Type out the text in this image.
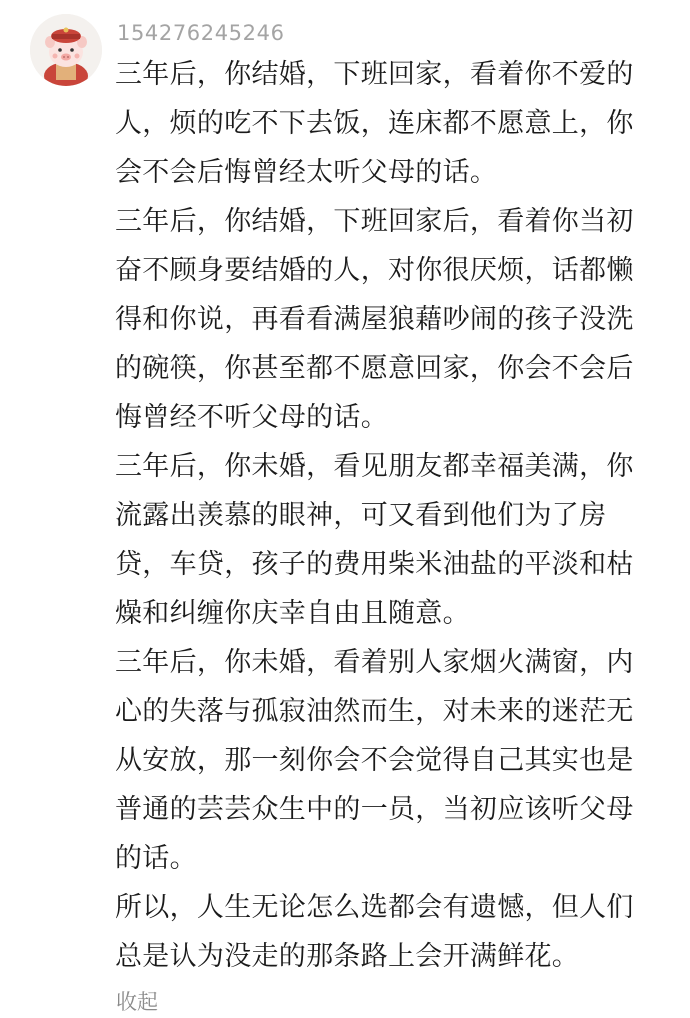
154276245246

三年后，你结婚，下班回家，看着你不爱的人，烦的吃不下去饭，连床都不愿意上，你会不会后悔曾经太听父母的话。

三年后，你结婚，下班回家后，看着你当初奋不顾身要结婚的人，对你很厌烦，话都懒得和你说，再看看满屋狼藉吵闹的孩子没洗的碗筷，你甚至都不愿意回家，你会不会后悔曾经不听父母的话。

三年后，你未婚，看见朋友都幸福美满，你流露出羡慕的眼神，可又看到他们为了房贷，车贷，孩子的费用柴米油盐的平淡和枯燥和纠缠你庆幸自由且随意。

三年后，你未婚，看着别人家烟火满窗，内心的失落与孤寂油然而生，对未来的迷茫无从安放，那一刻你会不会觉得自己其实也是普通的芸芸众生中的一员，当初应该听父母的话。

所以，人生无论怎么选都会有遗憾，但人们总是认为没走的那条路上会开满鲜花。

收起
